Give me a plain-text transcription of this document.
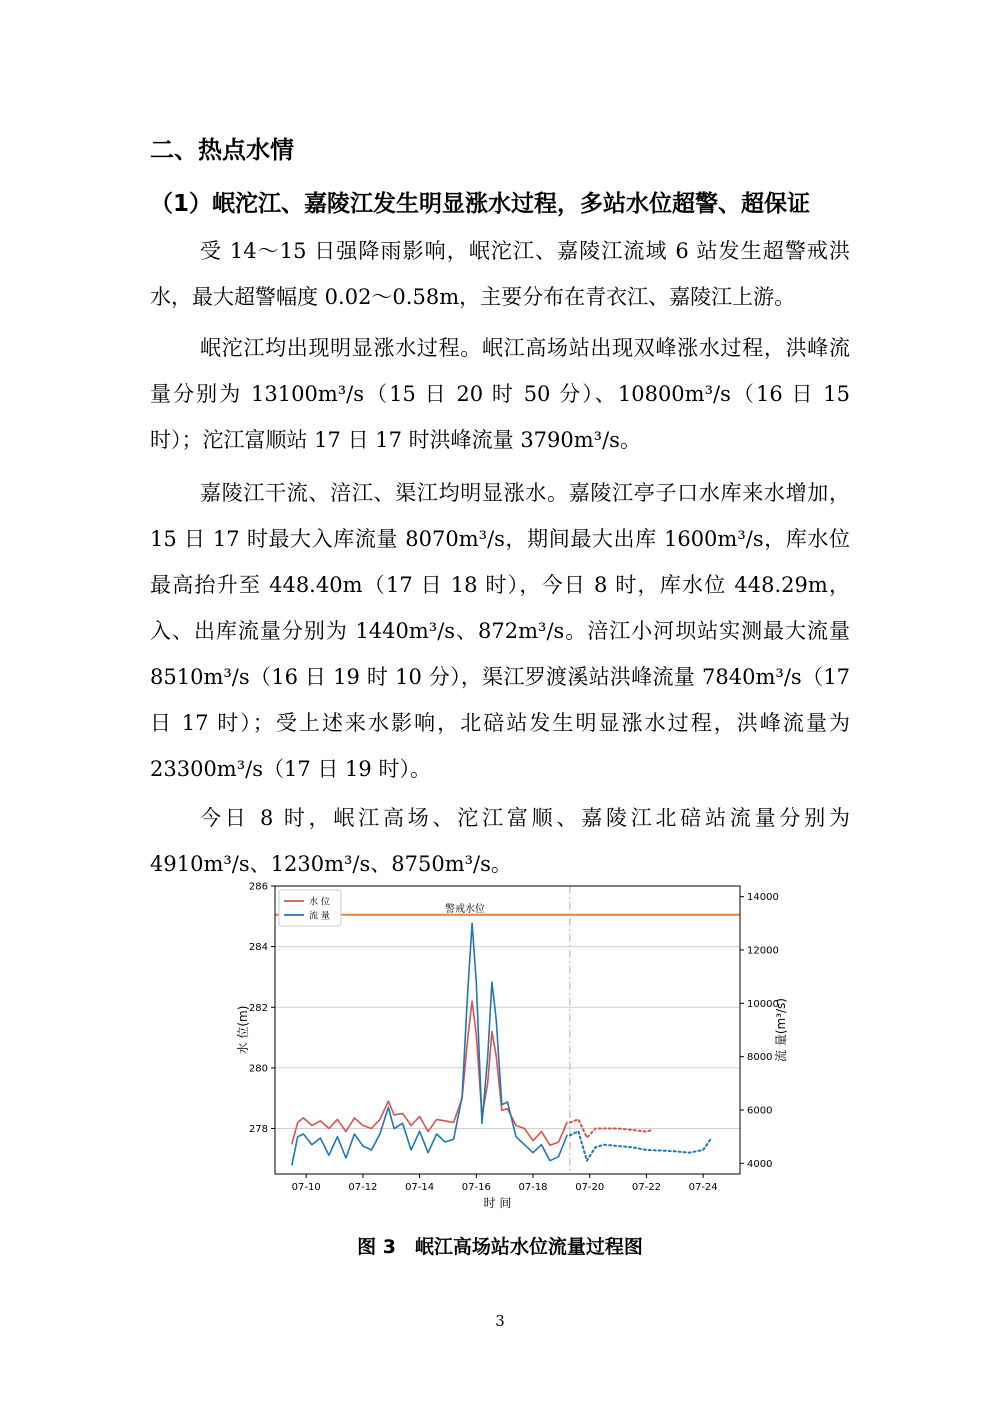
二、热点水情
（1）岷沱江、嘉陵江发生明显涨水过程，多站水位超警、超保证

受 14～15 日强降雨影响，岷沱江、嘉陵江流域 6 站发生超警戒洪水，最大超警幅度 0.02～0.58m，主要分布在青衣江、嘉陵江上游。

岷沱江均出现明显涨水过程。岷江高场站出现双峰涨水过程，洪峰流量分别为 13100m³/s（15 日 20 时 50 分）、10800m³/s（16 日 15 时）；沱江富顺站 17 日 17 时洪峰流量 3790m³/s。

嘉陵江干流、涪江、渠江均明显涨水。嘉陵江亭子口水库来水增加，15 日 17 时最大入库流量 8070m³/s，期间最大出库 1600m³/s，库水位最高抬升至 448.40m（17 日 18 时），今日 8 时，库水位 448.29m，入、出库流量分别为 1440m³/s、872m³/s。涪江小河坝站实测最大流量 8510m³/s（16 日 19 时 10 分），渠江罗渡溪站洪峰流量 7840m³/s（17 日 17 时）；受上述来水影响，北碚站发生明显涨水过程，洪峰流量为 23300m³/s（17 日 19 时）。

今日 8 时，岷江高场、沱江富顺、嘉陵江北碚站流量分别为 4910m³/s、1230m³/s、8750m³/s。

警戒水位
278
280
282
284
286
4000
6000
8000
10000
12000
14000
07-10	07-12	07-14	07-16	07-18	07-20	07-22	07-24
时 间
水 位(m)	流 量(m³/s)
水 位
流 量
图 3　岷江高场站水位流量过程图
3
